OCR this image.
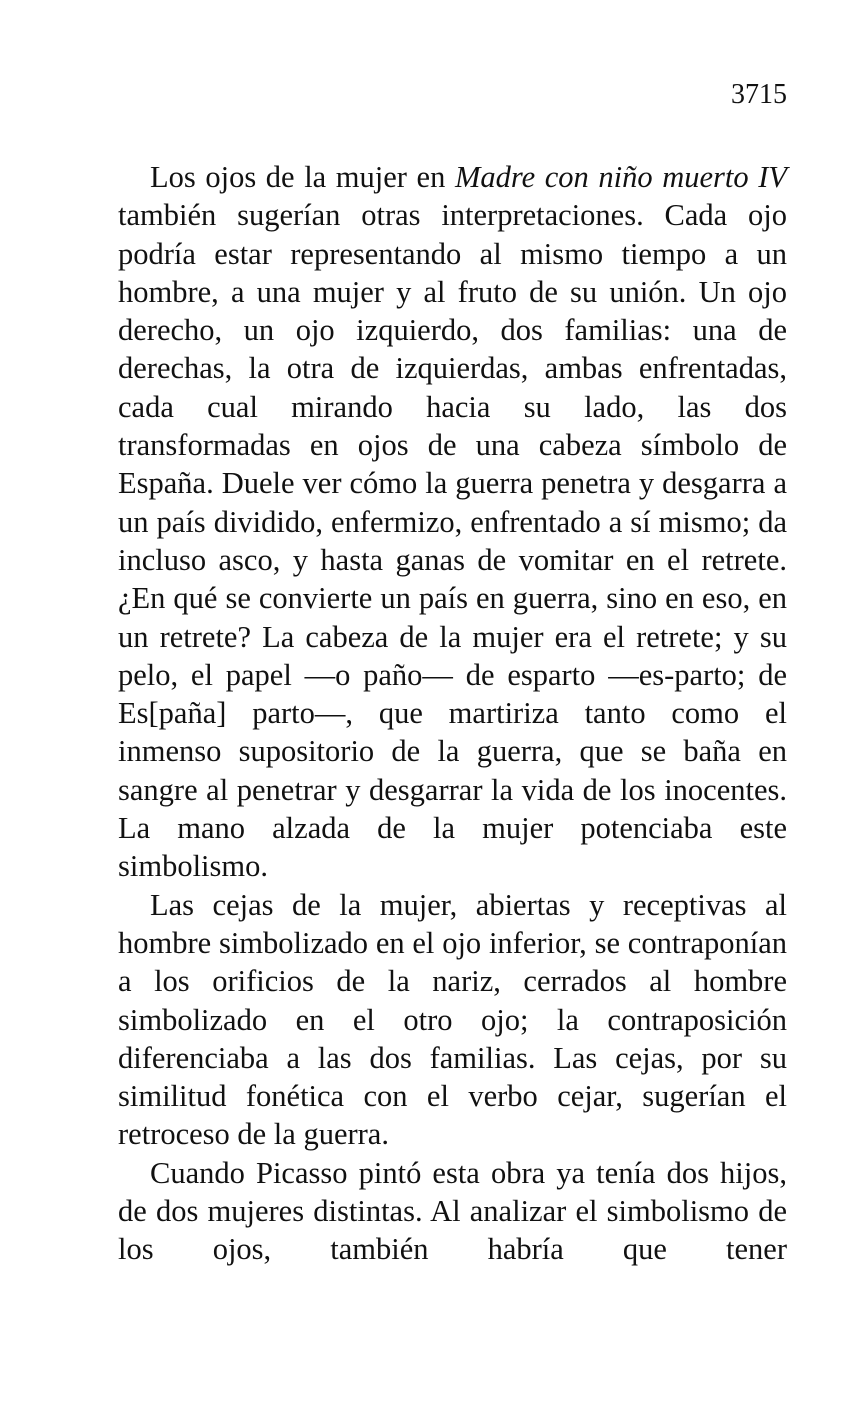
3715

Los ojos de la mujer en Madre con niño muerto IV también sugerían otras interpretaciones. Cada ojo podría estar representando al mismo tiempo a un hombre, a una mujer y al fruto de su unión. Un ojo derecho, un ojo izquierdo, dos familias: una de derechas, la otra de izquierdas, ambas enfrentadas, cada cual mirando hacia su lado, las dos transformadas en ojos de una cabeza símbolo de España. Duele ver cómo la guerra penetra y desgarra a un país dividido, enfermizo, enfrentado a sí mismo; da incluso asco, y hasta ganas de vomitar en el retrete. ¿En qué se convierte un país en guerra, sino en eso, en un retrete? La cabeza de la mujer era el retrete; y su pelo, el papel —o paño— de esparto —es-parto; de Es[paña] parto—, que martiriza tanto como el inmenso supositorio de la guerra, que se baña en sangre al penetrar y desgarrar la vida de los inocentes. La mano alzada de la mujer potenciaba este simbolismo.

Las cejas de la mujer, abiertas y receptivas al hombre simbolizado en el ojo inferior, se contraponían a los orificios de la nariz, cerrados al hombre simbolizado en el otro ojo; la contraposición diferenciaba a las dos familias. Las cejas, por su similitud fonética con el verbo cejar, sugerían el retroceso de la guerra.

Cuando Picasso pintó esta obra ya tenía dos hijos, de dos mujeres distintas. Al analizar el simbolismo de los ojos, también habría que tener
